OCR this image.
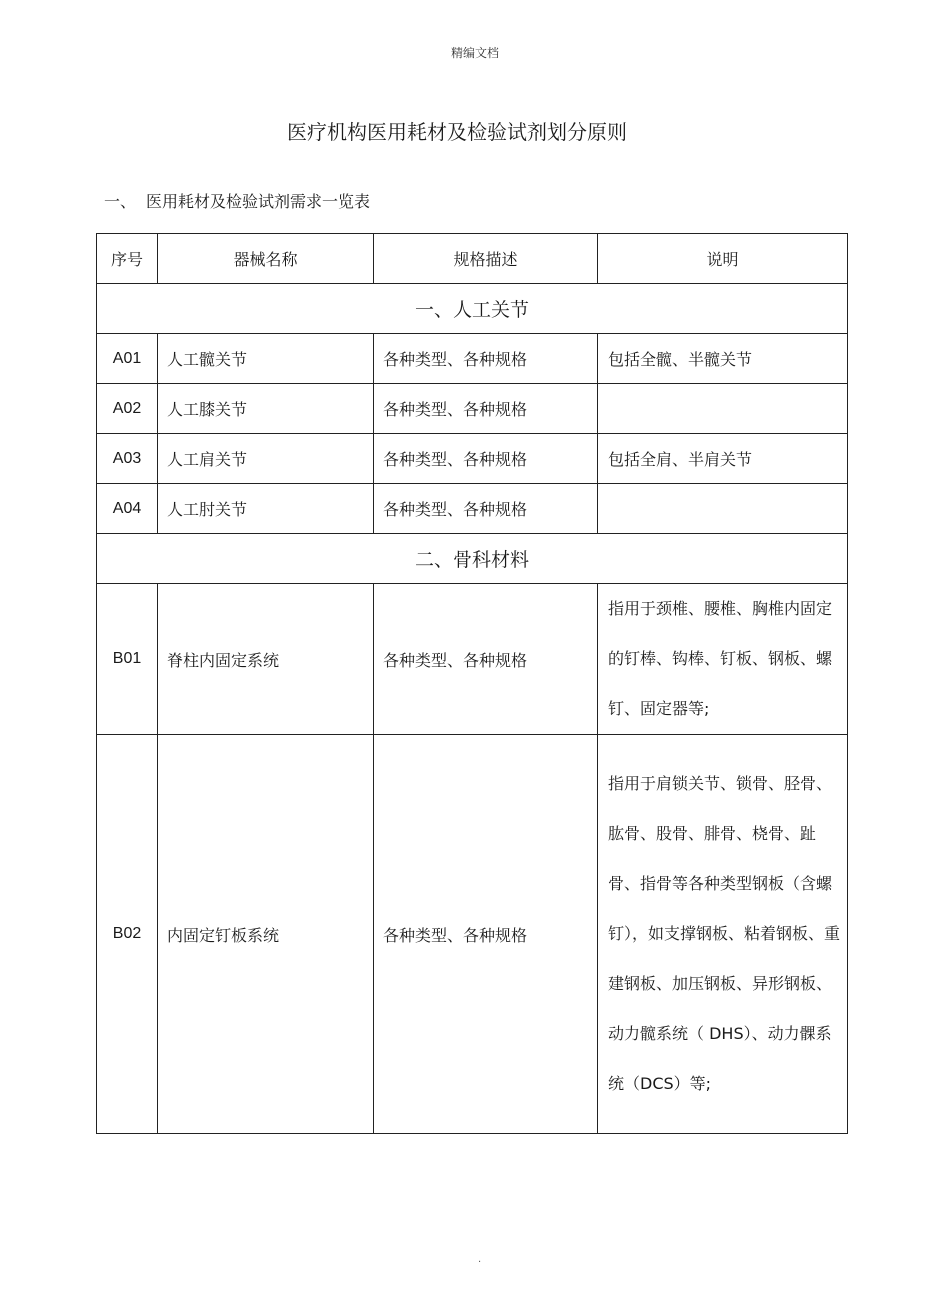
精编文档
医疗机构医用耗材及检验试剂划分原则
一、 医用耗材及检验试剂需求一览表
序号	器械名称	规格描述	说明
一、人工关节			
A01	人工髋关节	各种类型、各种规格	包括全髋、半髋关节
A02	人工膝关节	各种类型、各种规格	
A03	人工肩关节	各种类型、各种规格	包括全肩、半肩关节
A04	人工肘关节	各种类型、各种规格	
二、骨科材料			
B01	脊柱内固定系统	各种类型、各种规格	指用于颈椎、腰椎、胸椎内固定的钉棒、钩棒、钉板、钢板、螺钉、固定器等;
B02	内固定钉板系统	各种类型、各种规格	指用于肩锁关节、锁骨、胫骨、肱骨、股骨、腓骨、桡骨、趾骨、指骨等各种类型钢板（含螺钉），如支撑钢板、粘着钢板、重建钢板、加压钢板、异形钢板、动力髋系统（ DHS）、动力髁系统（DCS）等;
.
